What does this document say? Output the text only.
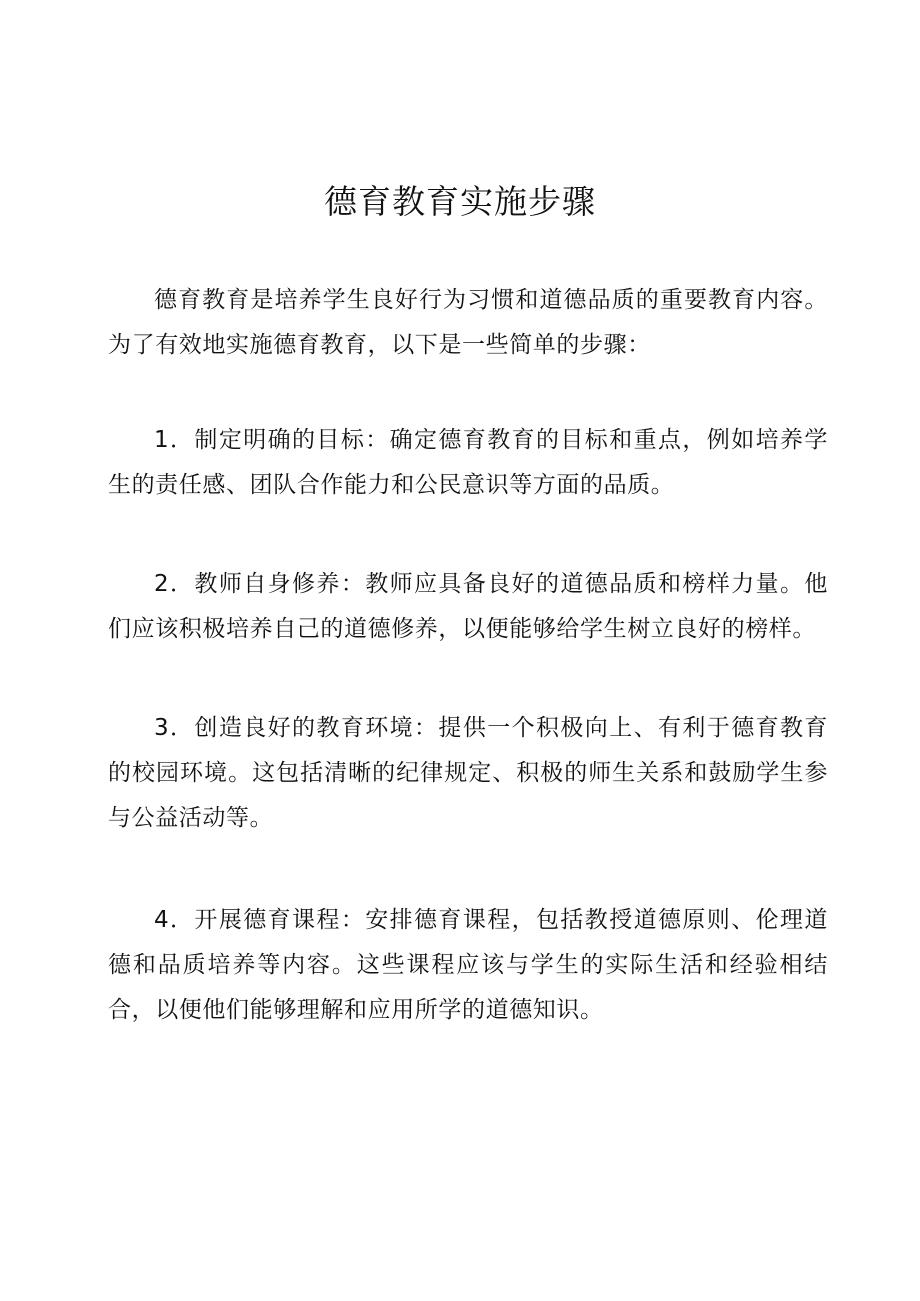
德育教育实施步骤

德育教育是培养学生良好行为习惯和道德品质的重要教育内容。为了有效地实施德育教育，以下是一些简单的步骤：

1．制定明确的目标：确定德育教育的目标和重点，例如培养学生的责任感、团队合作能力和公民意识等方面的品质。

2．教师自身修养：教师应具备良好的道德品质和榜样力量。他们应该积极培养自己的道德修养，以便能够给学生树立良好的榜样。

3．创造良好的教育环境：提供一个积极向上、有利于德育教育的校园环境。这包括清晰的纪律规定、积极的师生关系和鼓励学生参与公益活动等。

4．开展德育课程：安排德育课程，包括教授道德原则、伦理道德和品质培养等内容。这些课程应该与学生的实际生活和经验相结合，以便他们能够理解和应用所学的道德知识。
